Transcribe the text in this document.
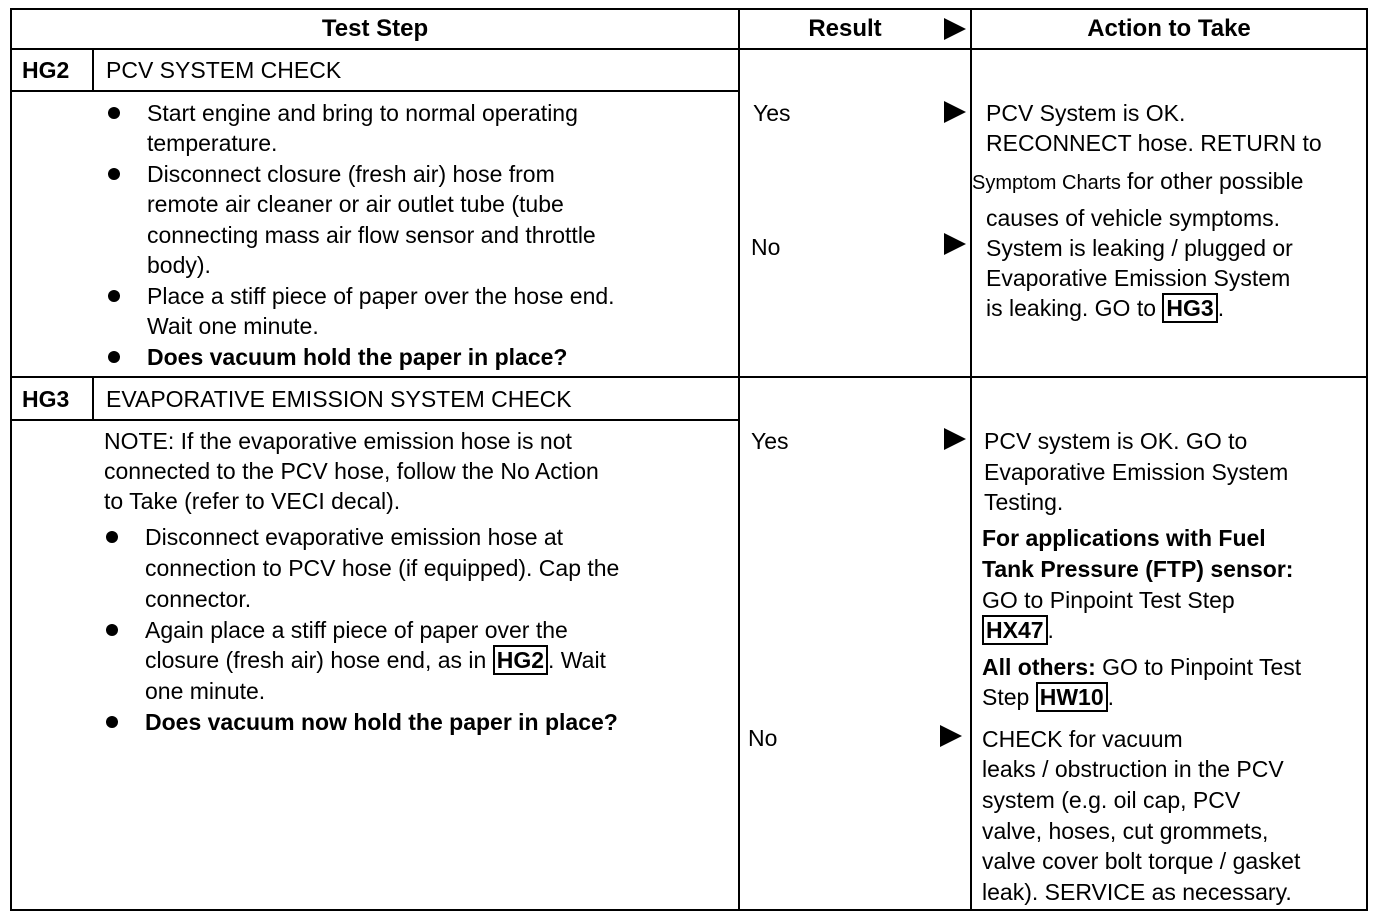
Test Step	Result	Action to Take
HG2 PCV SYSTEM CHECK
Start engine and bring to normal operating
temperature.
Disconnect closure (fresh air) hose from
remote air cleaner or air outlet tube (tube
connecting mass air flow sensor and throttle
body).
Place a stiff piece of paper over the hose end.
Wait one minute.
Does vacuum hold the paper in place?
Yes
No
PCV System is OK.
RECONNECT hose. RETURN to
Symptom Charts for other possible
causes of vehicle symptoms.
System is leaking / plugged or
Evaporative Emission System
is leaking. GO to HG3 .
HG3 EVAPORATIVE EMISSION SYSTEM CHECK
NOTE: If the evaporative emission hose is not
connected to the PCV hose, follow the No Action
to Take (refer to VECI decal).
Disconnect evaporative emission hose at
connection to PCV hose (if equipped). Cap the
connector.
Again place a stiff piece of paper over the
closure (fresh air) hose end, as in HG2 . Wait
one minute.
Does vacuum now hold the paper in place?
Yes
No
PCV system is OK. GO to
Evaporative Emission System
Testing.
For applications with Fuel
Tank Pressure (FTP) sensor:
GO to Pinpoint Test Step
HX47 .
All others: GO to Pinpoint Test
Step HW10 .
CHECK for vacuum
leaks / obstruction in the PCV
system (e.g. oil cap, PCV
valve, hoses, cut grommets,
valve cover bolt torque / gasket
leak). SERVICE as necessary.
